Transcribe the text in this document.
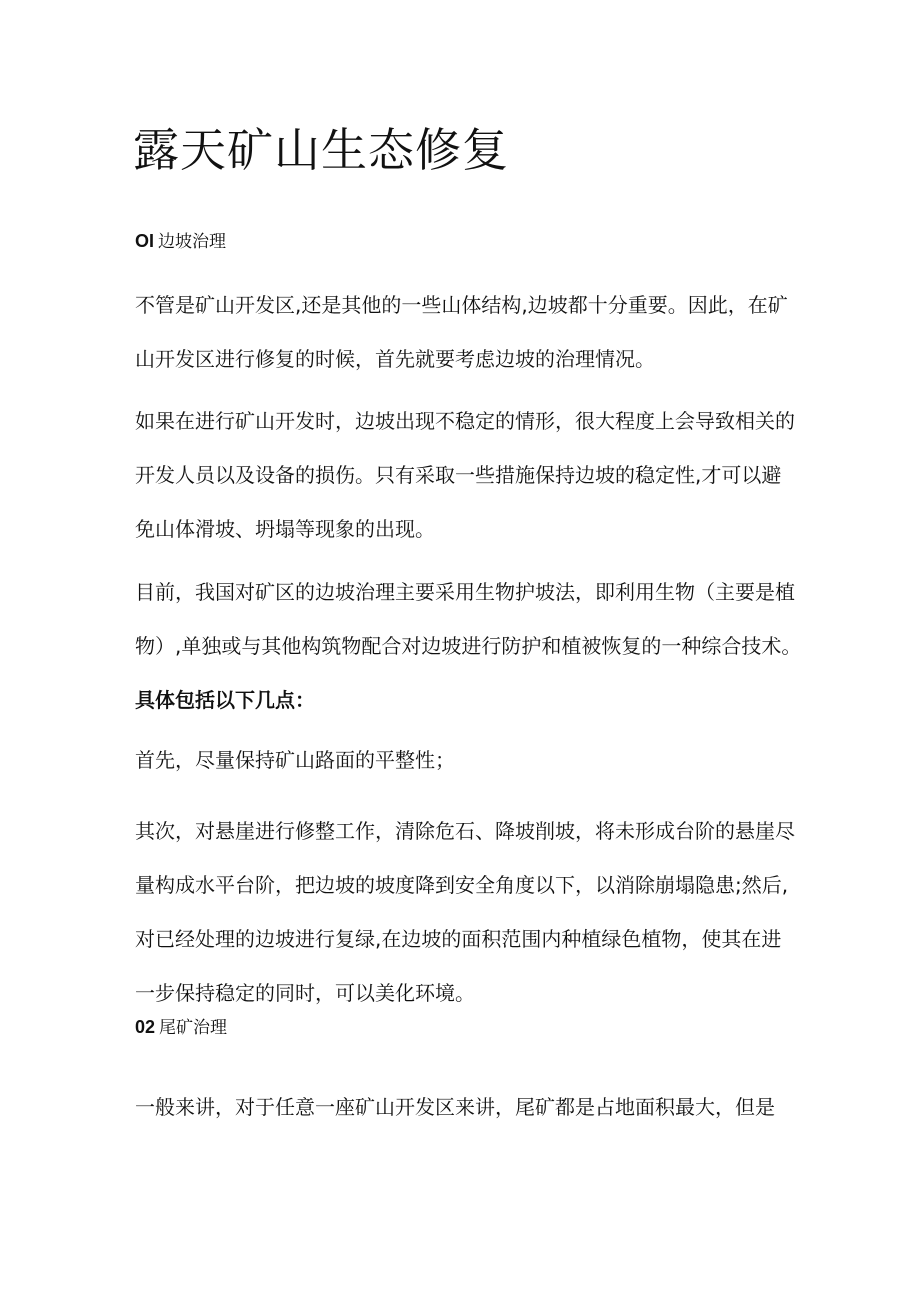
露天矿山生态修复
OI 边坡治理

不管是矿山开发区,还是其他的一些山体结构,边坡都十分重要。因此，在矿
山开发区进行修复的时候，首先就要考虑边坡的治理情况。

如果在进行矿山开发时，边坡出现不稳定的情形，很大程度上会导致相关的
开发人员以及设备的损伤。只有采取一些措施保持边坡的稳定性,才可以避
免山体滑坡、坍塌等现象的出现。

目前，我国对矿区的边坡治理主要采用生物护坡法，即利用生物（主要是植
物）,单独或与其他构筑物配合对边坡进行防护和植被恢复的一种综合技术。
具体包括以下几点：

首先，尽量保持矿山路面的平整性；

其次，对悬崖进行修整工作，清除危石、降坡削坡，将未形成台阶的悬崖尽
量构成水平台阶，把边坡的坡度降到安全角度以下，以消除崩塌隐患;然后,
对已经处理的边坡进行复绿,在边坡的面积范围内种植绿色植物，使其在进
一步保持稳定的同时，可以美化环境。

02 尾矿治理

一般来讲，对于任意一座矿山开发区来讲，尾矿都是占地面积最大，但是
